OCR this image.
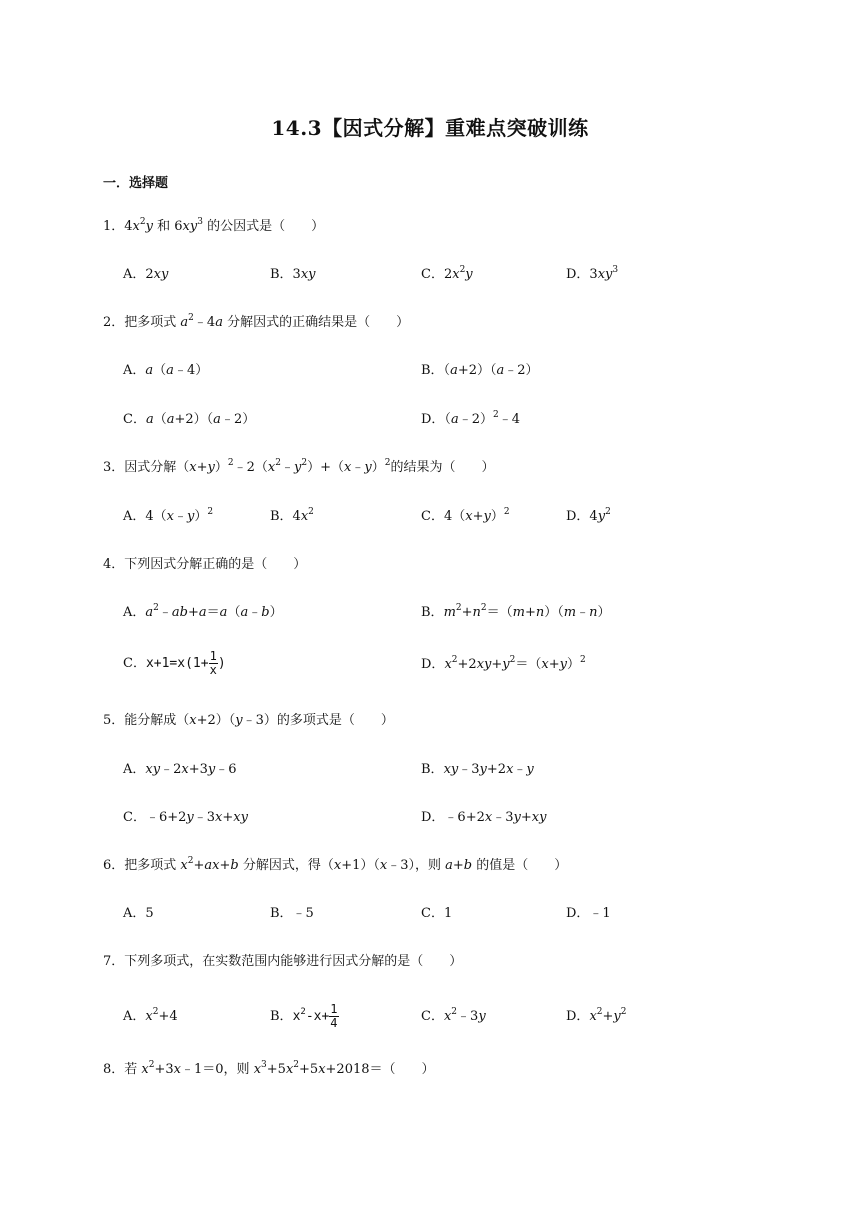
14.3【因式分解】重难点突破训练
一．选择题
1．$4x^2y$ 和 $6xy^3$ 的公因式是（　　）
A．2xy	B．3xy	C．$2x^2y$	D．$3xy^3$
2．把多项式 $a^2﹣4a$ 分解因式的正确结果是（　　）
A．a（a﹣4）	B．（a+2）（a﹣2）
C．a（a+2）（a﹣2）	D．（a﹣2）$^2$﹣4
3．因式分解$(x+y)^2﹣2(x^2﹣y^2)+(x﹣y)^2$的结果为（　　）
A．4（x﹣y）$^2$	B．$4x^2$	C．$4(x+y)^2$	D．$4y^2$
4．下列因式分解正确的是（　　）
A．$a^2﹣ab+a=a(a﹣b)$	B．$m^2+n^2=(m+n)(m﹣n)$
C．$x+1=x(1+ \frac{1}{x}$ )	D．$x^2+2xy+y^2=(x+y)^2$
5．能分解成（x+2）（y﹣3）的多项式是（　　）
A．xy﹣2x+3y﹣6	B．xy﹣3y+2x﹣y
C．﹣6+2y﹣3x+xy	D．﹣6+2x﹣3y+xy
6．把多项式 $x^2+ax+b$ 分解因式，得（x+1）（x﹣3），则 a+b 的值是（　　）
A．5	B．﹣5	C．1	D．﹣1
7．下列多项式，在实数范围内能够进行因式分解的是（　　）
A．$x^2+4$	B．$x^2-x+ \frac{1}{4}$	C．$x^2﹣3y$	D．$x^2+y^2$
8．若 $x^2+3x﹣1=0$，则 $x^3+5x^2+5x+2018=$（　　）
